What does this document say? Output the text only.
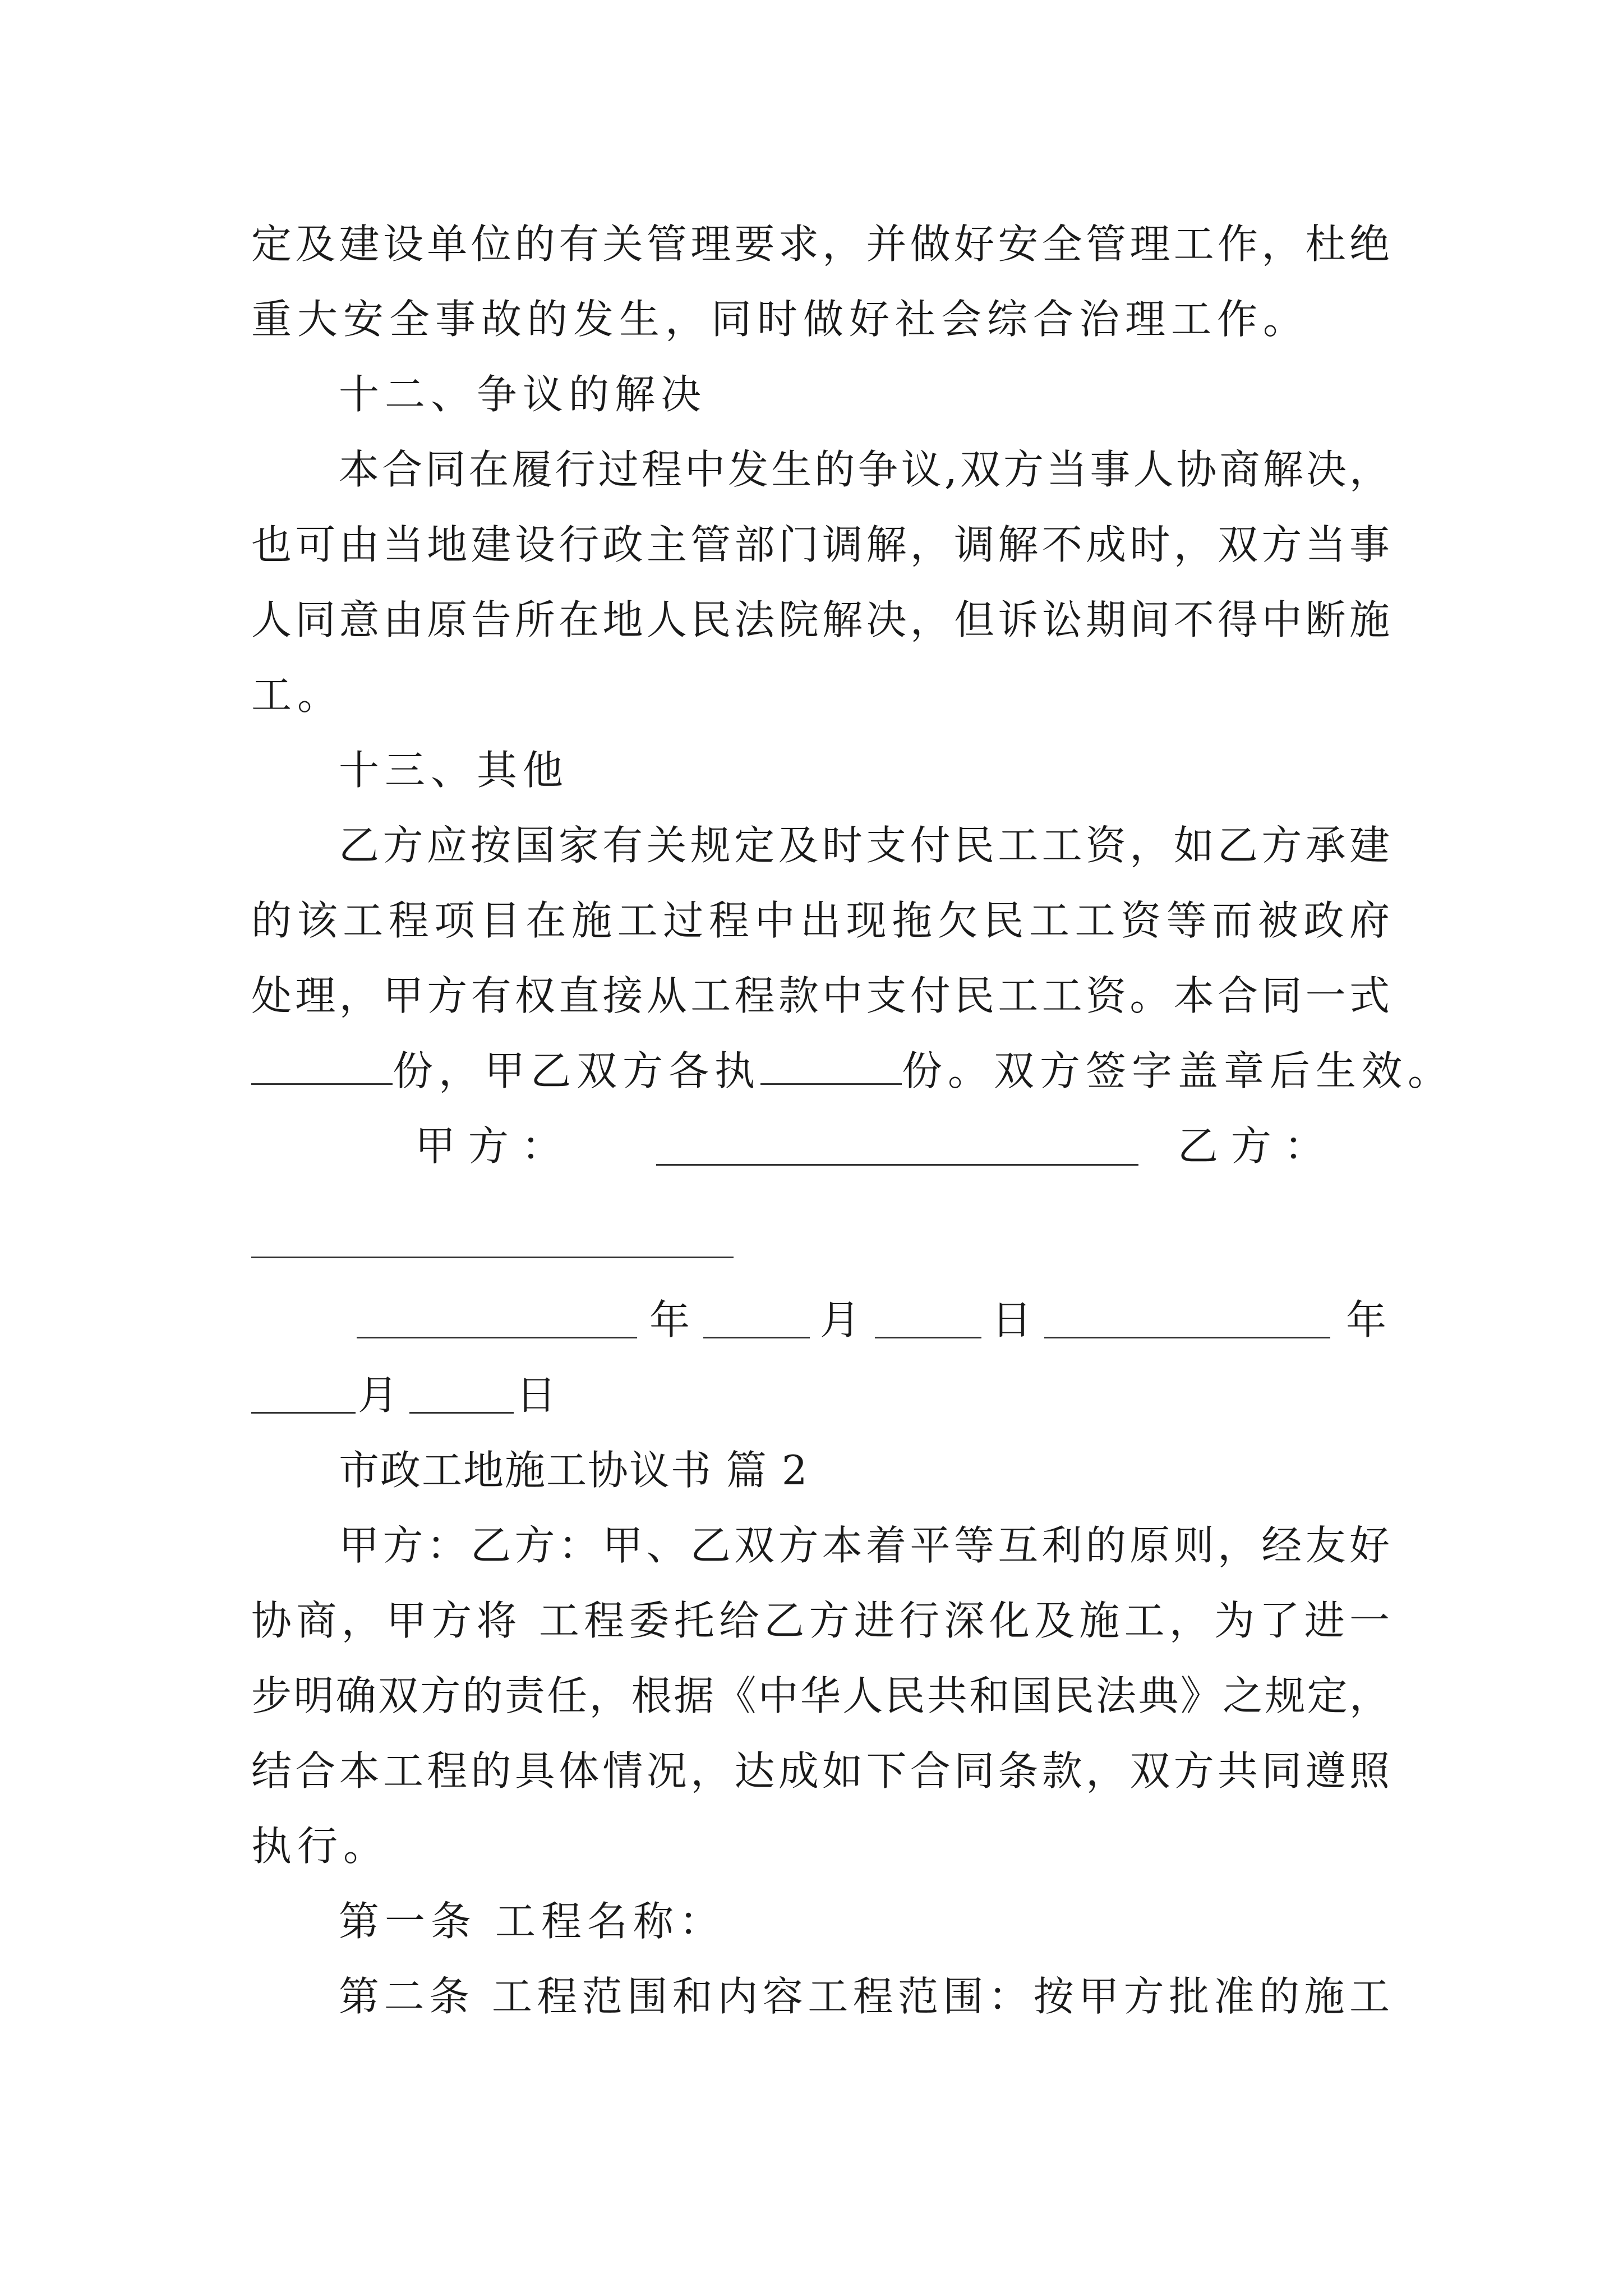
定及建设单位的有关管理要求，并做好安全管理工作，杜绝
重大安全事故的发生，同时做好社会综合治理工作。
十二、争议的解决
本合同在履行过程中发生的争议,双方当事人协商解决，
也可由当地建设行政主管部门调解，调解不成时，双方当事
人同意由原告所在地人民法院解决，但诉讼期间不得中断施
工。
十三、其他
乙方应按国家有关规定及时支付民工工资，如乙方承建
的该工程项目在施工过程中出现拖欠民工工资等而被政府
处理，甲方有权直接从工程款中支付民工工资。本合同一式
份，甲乙双方各执	份。双方签字盖章后生效。
甲 方 ：	乙 方 ：
年	月	日	年
月	日
市政工地施工协议书 篇 2
甲方：乙方：甲、乙双方本着平等互利的原则，经友好
协商，甲方将 工程委托给乙方进行深化及施工，为了进一
步明确双方的责任，根据《中华人民共和国民法典》之规定，
结合本工程的具体情况，达成如下合同条款，双方共同遵照
执行。
第一条 工程名称：
第二条 工程范围和内容工程范围：按甲方批准的施工
